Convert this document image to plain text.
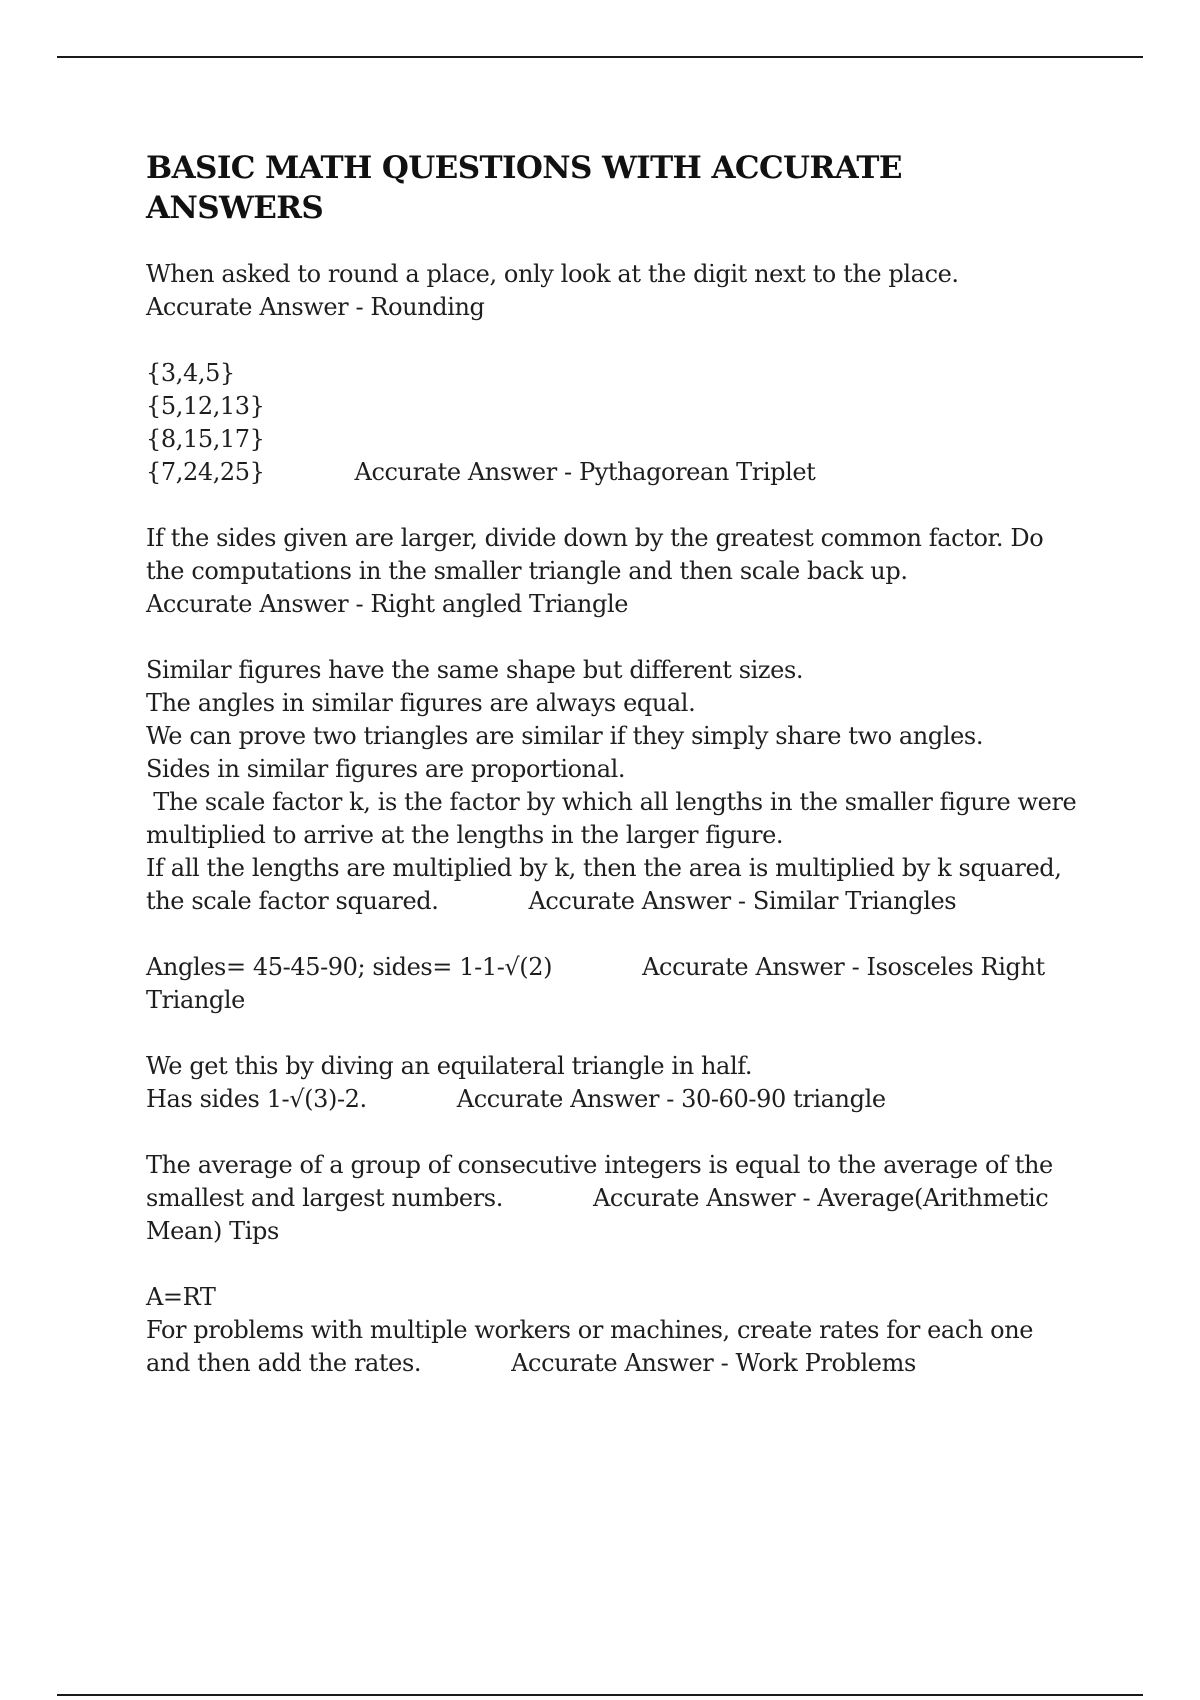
BASIC MATH QUESTIONS WITH ACCURATE ANSWERS
When asked to round a place, only look at the digit next to the place.
Accurate Answer - Rounding
{3,4,5}
{5,12,13}
{8,15,17}
{7,24,25}	Accurate Answer - Pythagorean Triplet
If the sides given are larger, divide down by the greatest common factor. Do
the computations in the smaller triangle and then scale back up.
Accurate Answer - Right angled Triangle
Similar figures have the same shape but different sizes.
The angles in similar figures are always equal.
We can prove two triangles are similar if they simply share two angles.
Sides in similar figures are proportional.
The scale factor k, is the factor by which all lengths in the smaller figure were
multiplied to arrive at the lengths in the larger figure.
If all the lengths are multiplied by k, then the area is multiplied by k squared,
the scale factor squared.	Accurate Answer - Similar Triangles
Angles= 45-45-90; sides= 1-1-√(2)	Accurate Answer - Isosceles Right
Triangle
We get this by diving an equilateral triangle in half.
Has sides 1-√(3)-2.	Accurate Answer - 30-60-90 triangle
The average of a group of consecutive integers is equal to the average of the
smallest and largest numbers.	Accurate Answer - Average(Arithmetic
Mean) Tips
A=RT
For problems with multiple workers or machines, create rates for each one
and then add the rates.	Accurate Answer - Work Problems
